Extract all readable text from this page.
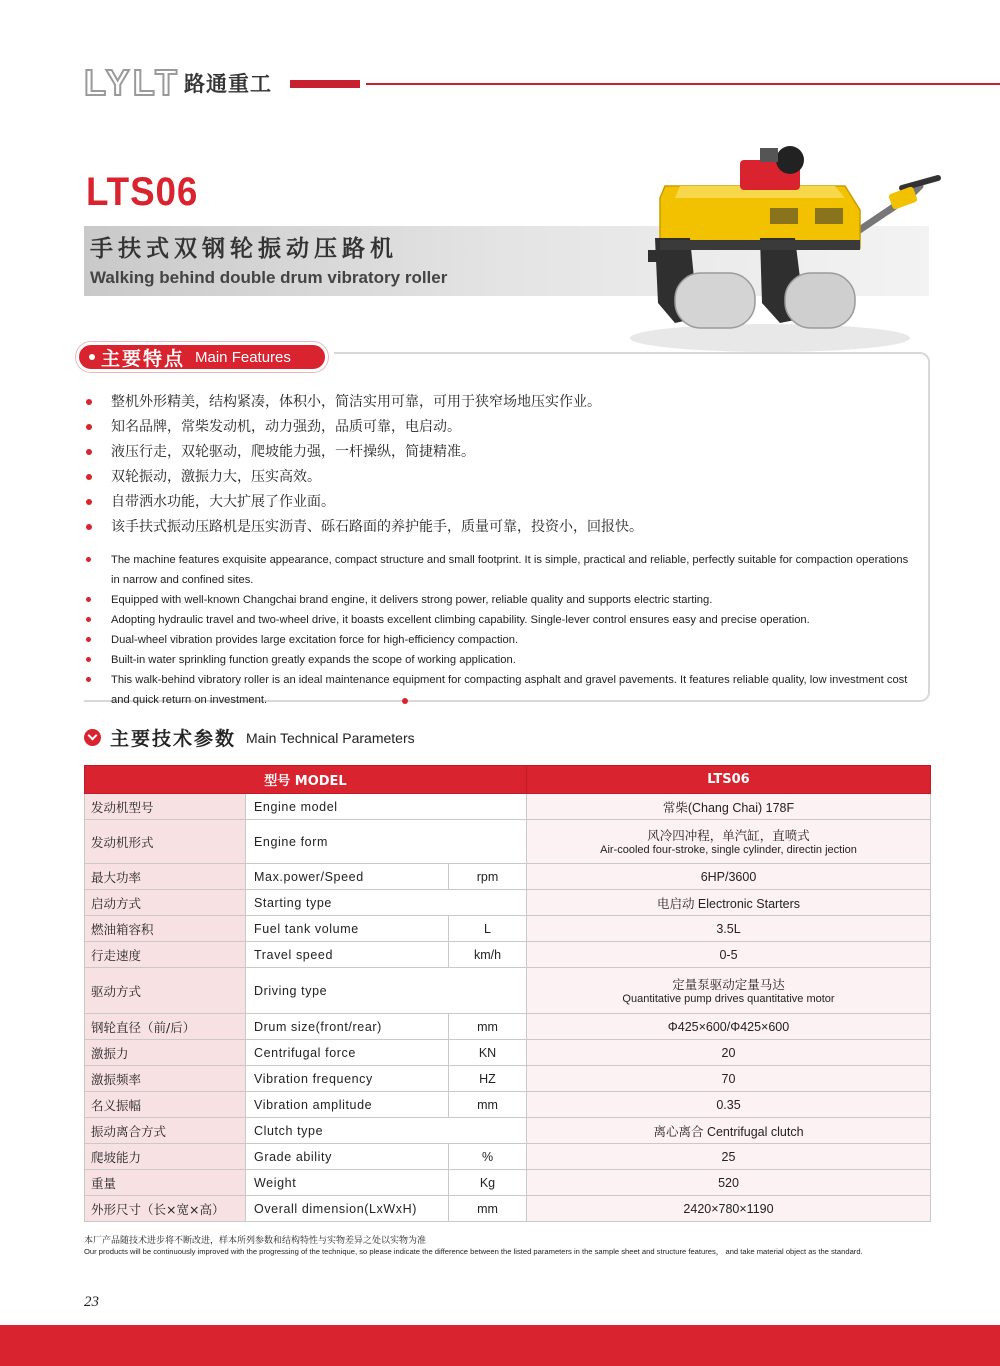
LYLT 路通重工
LTS06
手扶式双钢轮振动压路机
Walking behind double drum vibratory roller
主要特点 Main Features
整机外形精美，结构紧凑，体积小，简洁实用可靠，可用于狭窄场地压实作业。
知名品牌，常柴发动机，动力强劲，品质可靠，电启动。
液压行走，双轮驱动，爬坡能力强，一杆操纵，简捷精准。
双轮振动，激振力大，压实高效。
自带洒水功能，大大扩展了作业面。
该手扶式振动压路机是压实沥青、砾石路面的养护能手，质量可靠，投资小，回报快。
The machine features exquisite appearance, compact structure and small footprint. It is simple, practical and reliable, perfectly suitable for compaction operations in narrow and confined sites.
Equipped with well-known Changchai brand engine, it delivers strong power, reliable quality and supports electric starting.
Adopting hydraulic travel and two-wheel drive, it boasts excellent climbing capability. Single-lever control ensures easy and precise operation.
Dual-wheel vibration provides large excitation force for high-efficiency compaction.
Built-in water sprinkling function greatly expands the scope of working application.
This walk-behind vibratory roller is an ideal maintenance equipment for compacting asphalt and gravel pavements. It features reliable quality, low investment cost and quick return on investment.
主要技术参数 Main Technical Parameters
型号 MODEL			LTS06
发动机型号	Engine model		常柴(Chang Chai) 178F
发动机形式	Engine form		风冷四冲程，单汽缸，直喷式
Air-cooled four-stroke, single cylinder, directin jection

最大功率	Max.power/Speed	rpm	6HP/3600
启动方式	Starting type		电启动 Electronic Starters
燃油箱容积	Fuel tank volume	L	3.5L
行走速度	Travel speed	km/h	0-5
驱动方式	Driving type		定量泵驱动定量马达
Quantitative pump drives quantitative motor

钢轮直径（前/后）	Drum size(front/rear)	mm	Φ425×600/Φ425×600
激振力	Centrifugal force	KN	20
激振频率	Vibration frequency	HZ	70
名义振幅	Vibration amplitude	mm	0.35
振动离合方式	Clutch type		离心离合 Centrifugal clutch
爬坡能力	Grade ability	%	25
重量	Weight	Kg	520
外形尺寸（长×宽×高）	Overall dimension(LxWxH)	mm	2420×780×1190
本厂产品随技术进步将不断改进，样本所列参数和结构特性与实物差异之处以实物为准
Our products will be continuously improved with the progressing of the technique, so please indicate the difference between the listed parameters in the sample sheet and structure features， and take material object as the standard.
23
